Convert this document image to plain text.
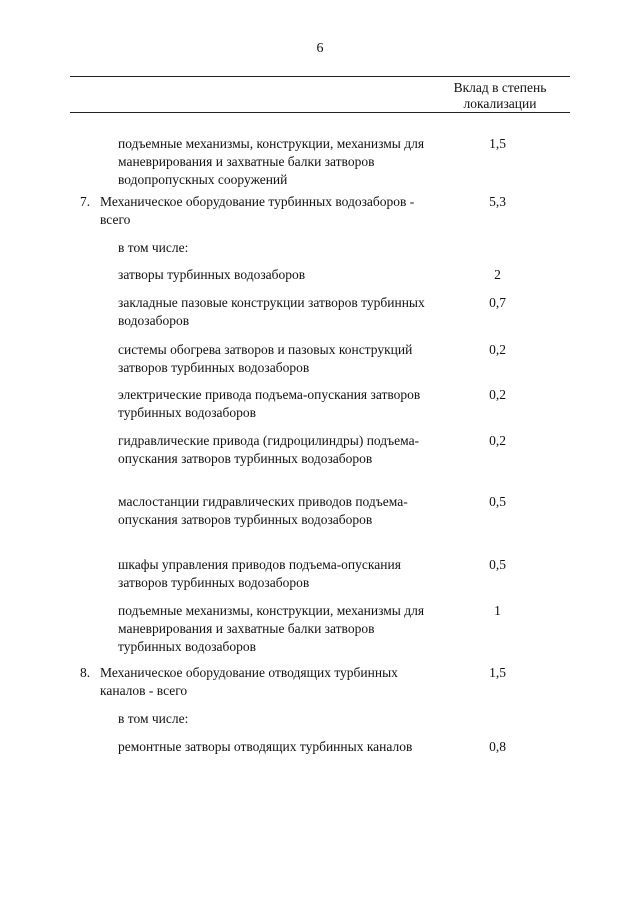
6
Вклад в степень локализации
подъемные механизмы, конструкции, механизмы для маневрирования и захватные балки затворов водопропускных сооружений
1,5
7. Механическое оборудование турбинных водозаборов - всего
5,3
в том числе:
затворы турбинных водозаборов	2
закладные пазовые конструкции затворов турбинных водозаборов
0,7
системы обогрева затворов и пазовых конструкций затворов турбинных водозаборов
0,2
электрические привода подъема-опускания затворов турбинных водозаборов
0,2
гидравлические привода (гидроцилиндры) подъема-опускания затворов турбинных водозаборов
0,2
маслостанции гидравлических приводов подъема-опускания затворов турбинных водозаборов
0,5
шкафы управления приводов подъема-опускания затворов турбинных водозаборов
0,5
подъемные механизмы, конструкции, механизмы для маневрирования и захватные балки затворов турбинных водозаборов
1
8. Механическое оборудование отводящих турбинных каналов - всего
1,5
в том числе:
ремонтные затворы отводящих турбинных каналов	0,8
